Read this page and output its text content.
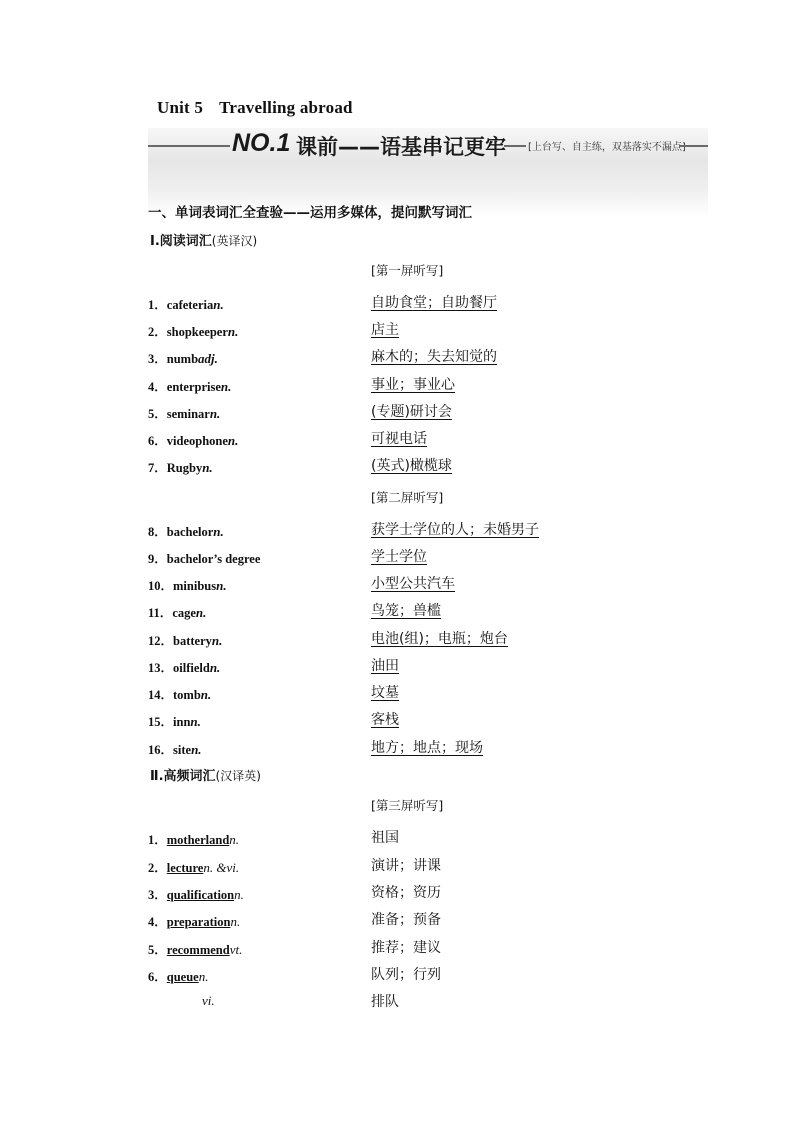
Unit 5 Travelling abroad
NO.1 课前——语基串记更牢 [上台写、自主练，双基落实不漏点]
一、单词表词汇全查验——运用多媒体，提问默写词汇
Ⅰ.阅读词汇(英译汉)
[第一屏听写]
1．cafeterian.	自助食堂；自助餐厅
2．shopkeepern.	店主
3．numbadj.	麻木的；失去知觉的
4．enterprisen.	事业；事业心
5．seminarn.	(专题)研讨会
6．videophonen.	可视电话
7．Rugbyn.	(英式)橄榄球
[第二屏听写]
8．bachelorn.	获学士学位的人；未婚男子
9．bachelor’s degree	学士学位
10．minibusn.	小型公共汽车
11．cagen.	鸟笼；兽槛
12．batteryn.	电池(组)；电瓶；炮台
13．oilfieldn.	油田
14．tombn.	坟墓
15．innn.	客栈
16．siten.	地方；地点；现场
Ⅱ.高频词汇(汉译英)
[第三屏听写]
1．motherlandn.	祖国
2．lecturen. &vi.	演讲；讲课
3．qualificationn.	资格；资历
4．preparationn.	准备；预备
5．recommendvt.	推荐；建议
6．queuen.	队列；行列
vi.	排队
